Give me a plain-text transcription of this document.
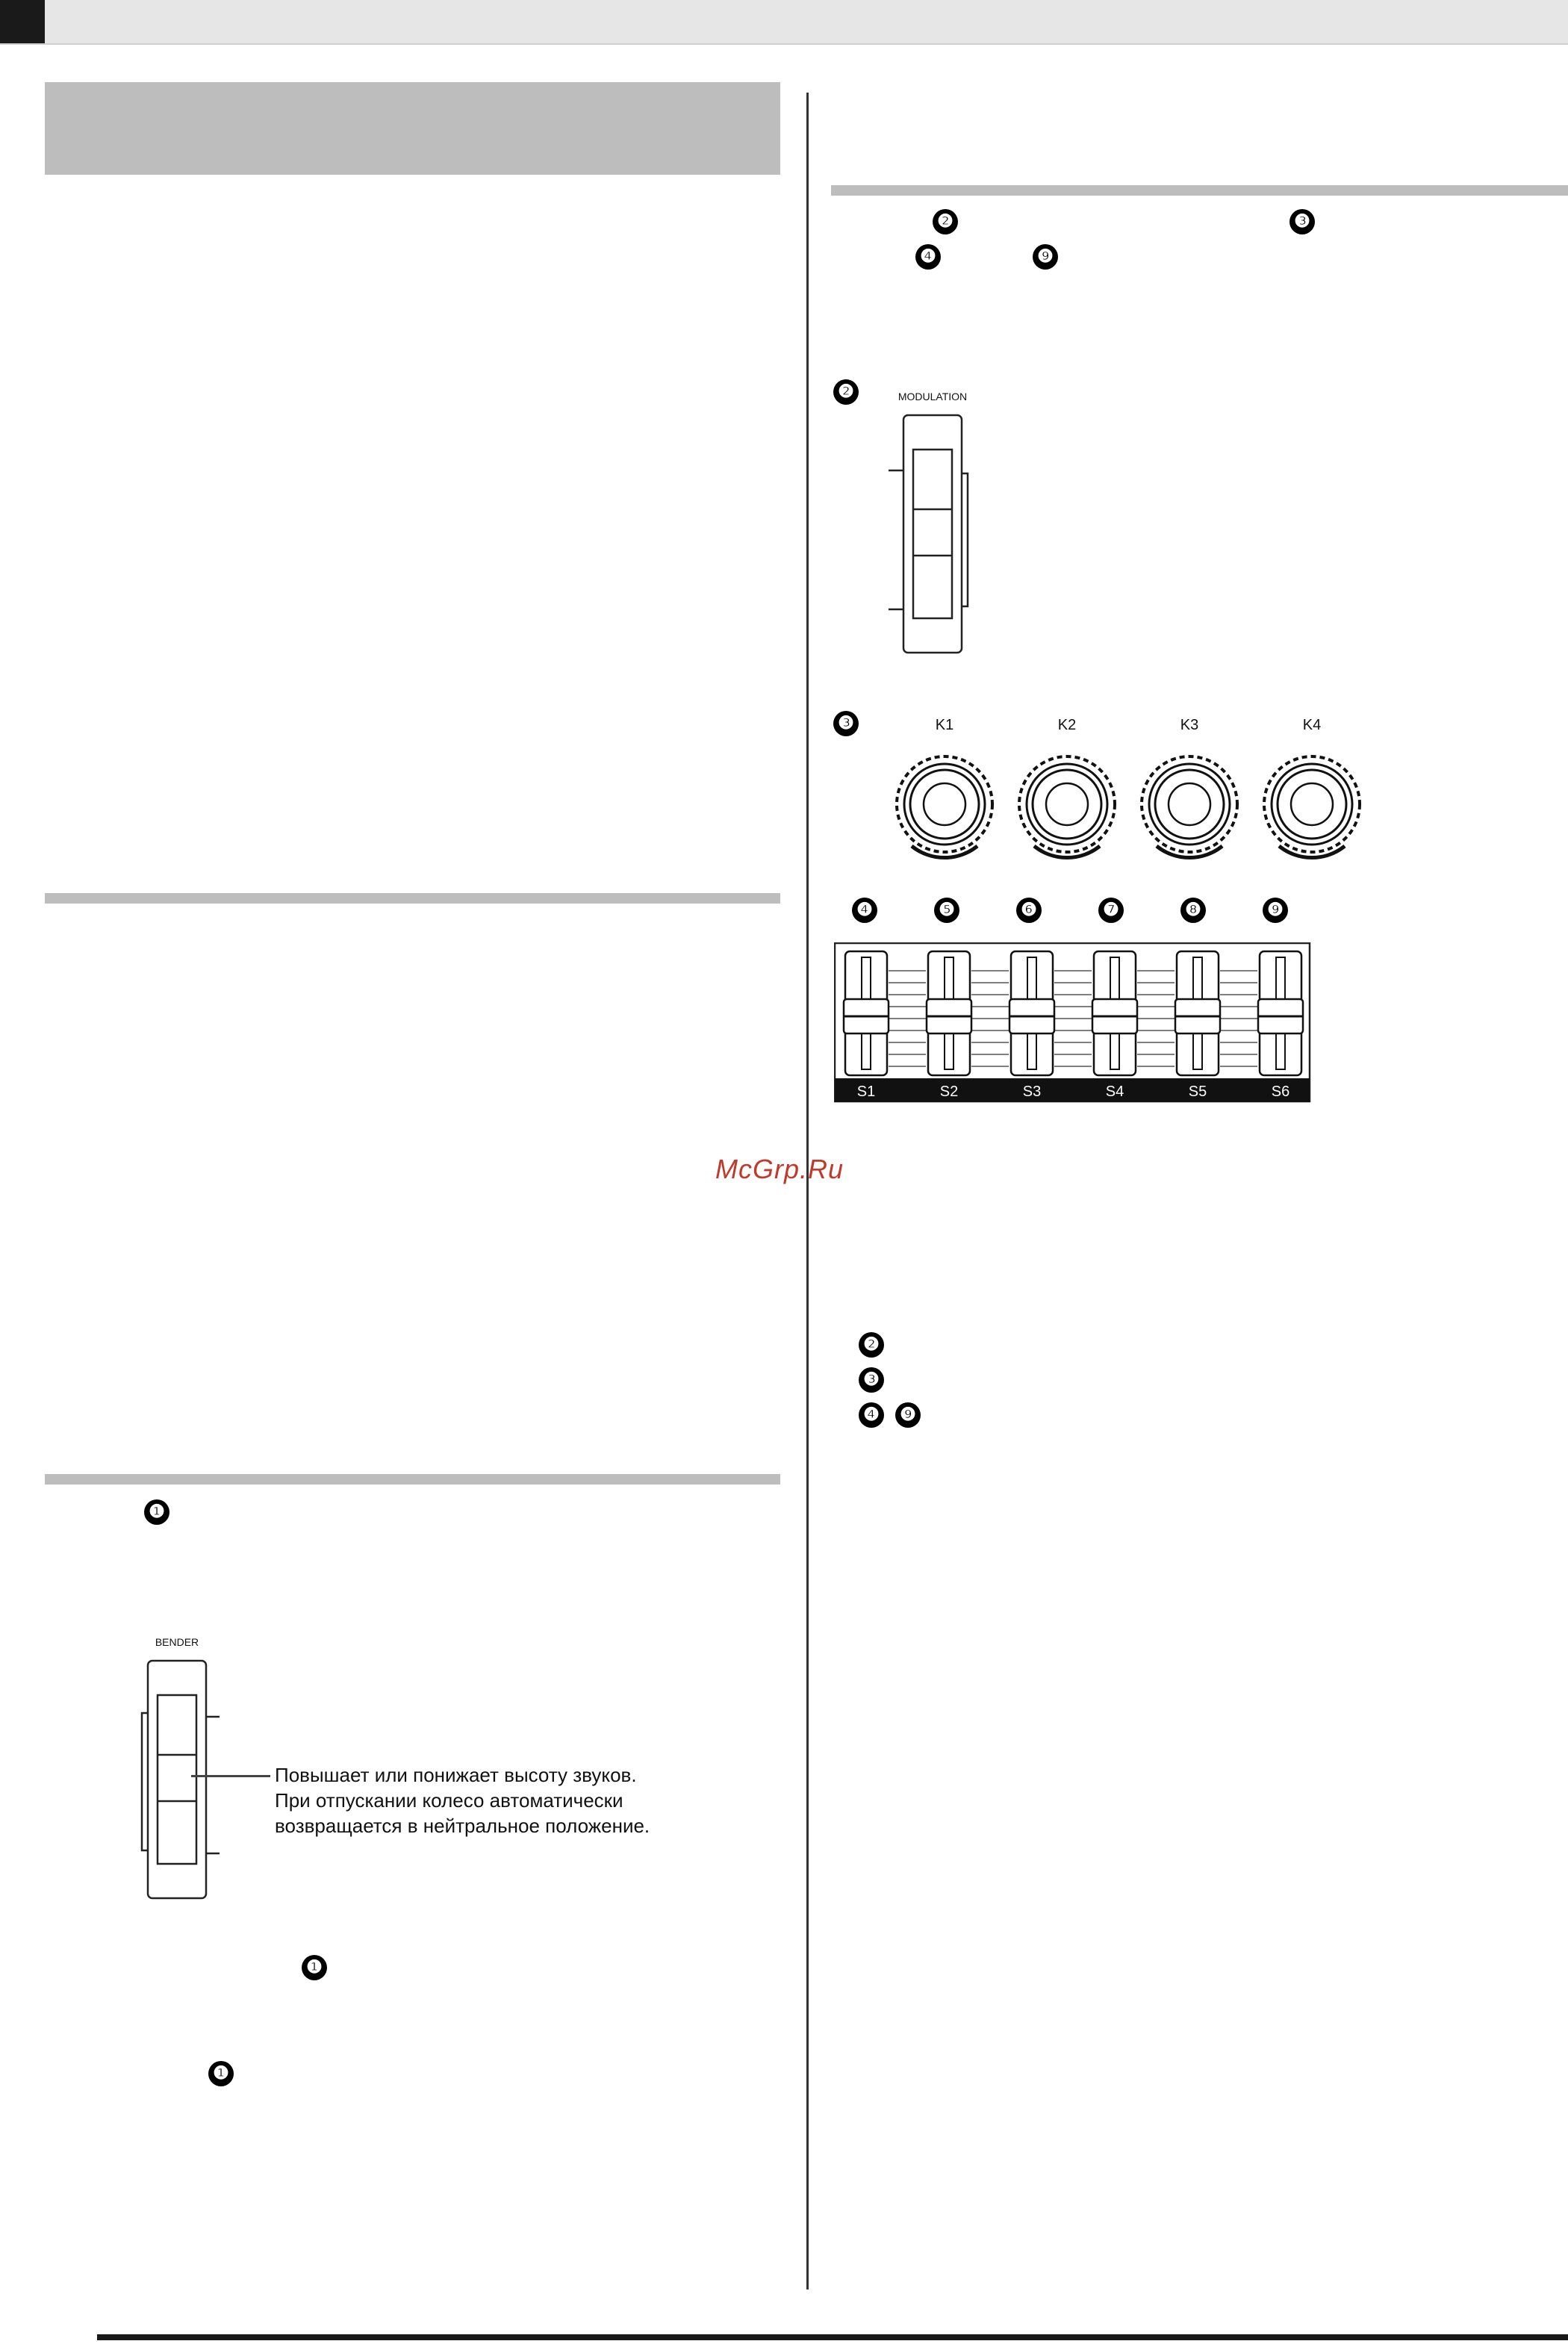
❷	❸
❹	❾
❷	MODULATION
❸	K1	K2	K3	K4
❹	❺	❻	❼	❽	❾
S1	S2	S3	S4	S5	S6
McGrp.Ru
❷
❸
❹ ❾
❶
BENDER
Повышает или понижает высоту звуков.
При отпускании колесо автоматически
возвращается в нейтральное положение.
❶
❶
